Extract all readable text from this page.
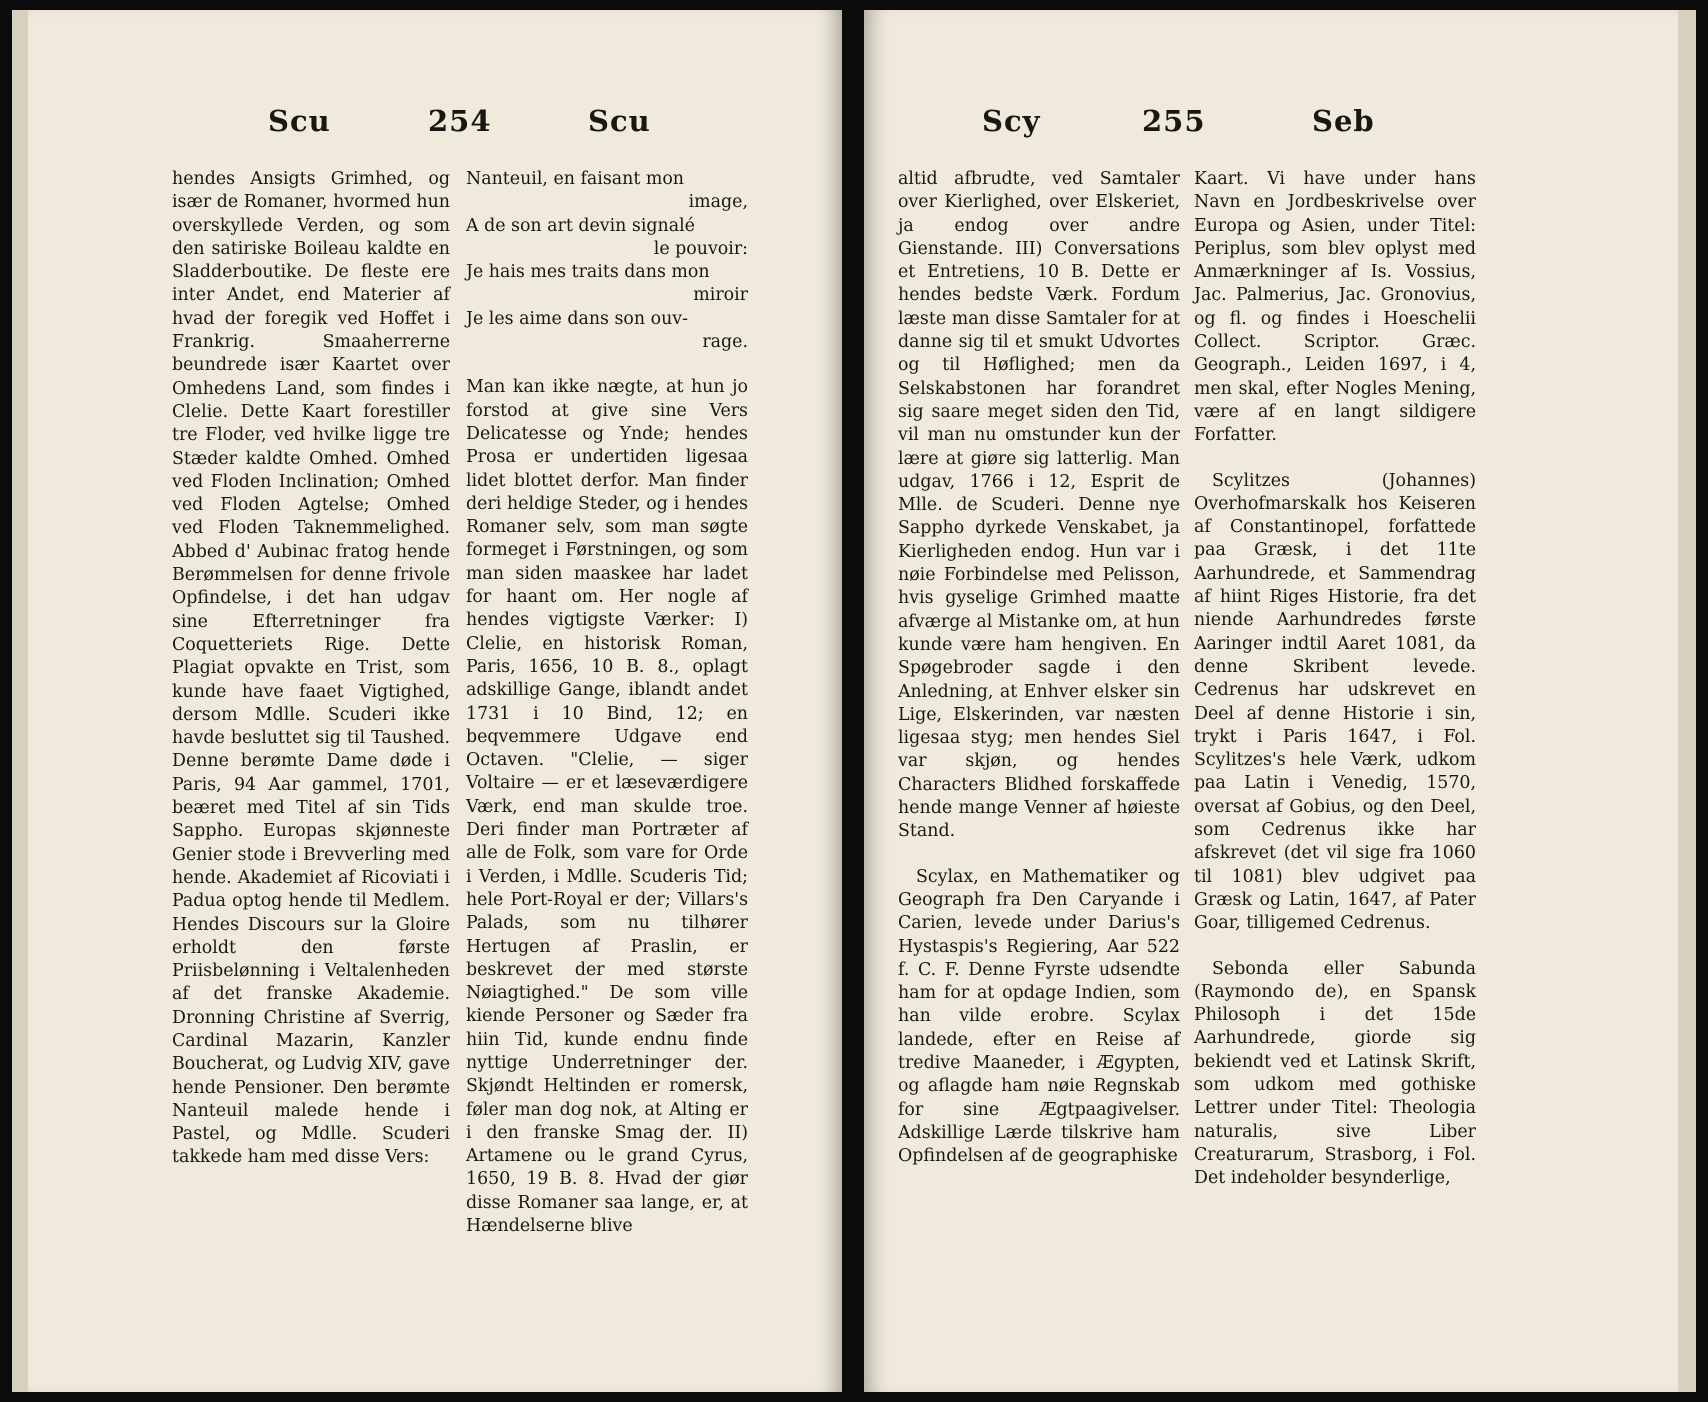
Scu	254	Scu

hendes Ansigts Grimhed, og især de Romaner, hvormed hun overskyllede Verden, og som den satiriske Boileau kaldte en Sladderboutike. De fleste ere inter Andet, end Materier af hvad der foregik ved Hoffet i Frankrig. Smaaherrerne beundrede især Kaartet over Omhedens Land, som findes i Clelie. Dette Kaart forestiller tre Floder, ved hvilke ligge tre Stæder kaldte Omhed. Omhed ved Floden Inclination; Omhed ved Floden Agtelse; Omhed ved Floden Taknemmelighed. Abbed d' Aubinac fratog hende Berømmelsen for denne frivole Opfindelse, i det han udgav sine Efterretninger fra Coquetteriets Rige. Dette Plagiat opvakte en Trist, som kunde have faaet Vigtighed, dersom Mdlle. Scuderi ikke havde besluttet sig til Taushed. Denne berømte Dame døde i Paris, 94 Aar gammel, 1701, beæret med Titel af sin Tids Sappho. Europas skjønneste Genier stode i Brevverling med hende. Akademiet af Ricoviati i Padua optog hende til Medlem. Hendes Discours sur la Gloire erholdt den første Priisbelønning i Veltalenheden af det franske Akademie. Dronning Christine af Sverrig, Cardinal Mazarin, Kanzler Boucherat, og Ludvig XIV, gave hende Pensioner. Den berømte Nanteuil malede hende i Pastel, og Mdlle. Scuderi takkede ham med disse Vers:

Nanteuil, en faisant mon
image,
A de son art devin signalé
le pouvoir:
Je hais mes traits dans mon
miroir
Je les aime dans son ouv-
rage.

Man kan ikke nægte, at hun jo forstod at give sine Vers Delicatesse og Ynde; hendes Prosa er undertiden ligesaa lidet blottet derfor. Man finder deri heldige Steder, og i hendes Romaner selv, som man søgte formeget i Førstningen, og som man siden maaskee har ladet for haant om. Her nogle af hendes vigtigste Værker: I) Clelie, en historisk Roman, Paris, 1656, 10 B. 8., oplagt adskillige Gange, iblandt andet 1731 i 10 Bind, 12; en beqvemmere Udgave end Octaven. "Clelie, — siger Voltaire — er et læseværdigere Værk, end man skulde troe. Deri finder man Portræter af alle de Folk, som vare for Orde i Verden, i Mdlle. Scuderis Tid; hele Port-Royal er der; Villars's Palads, som nu tilhører Hertugen af Praslin, er beskrevet der med største Nøiagtighed." De som ville kiende Personer og Sæder fra hiin Tid, kunde endnu finde nyttige Underretninger der. Skjøndt Heltinden er romersk, føler man dog nok, at Alting er i den franske Smag der. II) Artamene ou le grand Cyrus, 1650, 19 B. 8. Hvad der giør disse Romaner saa lange, er, at Hændelserne blive

Scy	255	Seb

altid afbrudte, ved Samtaler over Kierlighed, over Elskeriet, ja endog over andre Gienstande. III) Conversations et Entretiens, 10 B. Dette er hendes bedste Værk. Fordum læste man disse Samtaler for at danne sig til et smukt Udvortes og til Høflighed; men da Selskabstonen har forandret sig saare meget siden den Tid, vil man nu omstunder kun der lære at giøre sig latterlig. Man udgav, 1766 i 12, Esprit de Mlle. de Scuderi. Denne nye Sappho dyrkede Venskabet, ja Kierligheden endog. Hun var i nøie Forbindelse med Pelisson, hvis gyselige Grimhed maatte afværge al Mistanke om, at hun kunde være ham hengiven. En Spøgebroder sagde i den Anledning, at Enhver elsker sin Lige, Elskerinden, var næsten ligesaa styg; men hendes Siel var skjøn, og hendes Characters Blidhed forskaffede hende mange Venner af høieste Stand.

Scylax, en Mathematiker og Geograph fra Den Caryande i Carien, levede under Darius's Hystaspis's Regiering, Aar 522 f. C. F. Denne Fyrste udsendte ham for at opdage Indien, som han vilde erobre. Scylax landede, efter en Reise af tredive Maaneder, i Ægypten, og aflagde ham nøie Regnskab for sine Ægtpaagivelser. Adskillige Lærde tilskrive ham Opfindelsen af de geographiske

Kaart. Vi have under hans Navn en Jordbeskrivelse over Europa og Asien, under Titel: Periplus, som blev oplyst med Anmærkninger af Is. Vossius, Jac. Palmerius, Jac. Gronovius, og fl. og findes i Hoeschelii Collect. Scriptor. Græc. Geograph., Leiden 1697, i 4, men skal, efter Nogles Mening, være af en langt sildigere Forfatter.

Scylitzes (Johannes) Overhofmarskalk hos Keiseren af Constantinopel, forfattede paa Græsk, i det 11te Aarhundrede, et Sammendrag af hiint Riges Historie, fra det niende Aarhundredes første Aaringer indtil Aaret 1081, da denne Skribent levede. Cedrenus har udskrevet en Deel af denne Historie i sin, trykt i Paris 1647, i Fol. Scylitzes's hele Værk, udkom paa Latin i Venedig, 1570, oversat af Gobius, og den Deel, som Cedrenus ikke har afskrevet (det vil sige fra 1060 til 1081) blev udgivet paa Græsk og Latin, 1647, af Pater Goar, tilligemed Cedrenus.

Sebonda eller Sabunda (Raymondo de), en Spansk Philosoph i det 15de Aarhundrede, giorde sig bekiendt ved et Latinsk Skrift, som udkom med gothiske Lettrer under Titel: Theologia naturalis, sive Liber Creaturarum, Strasborg, i Fol. Det indeholder besynderlige,
